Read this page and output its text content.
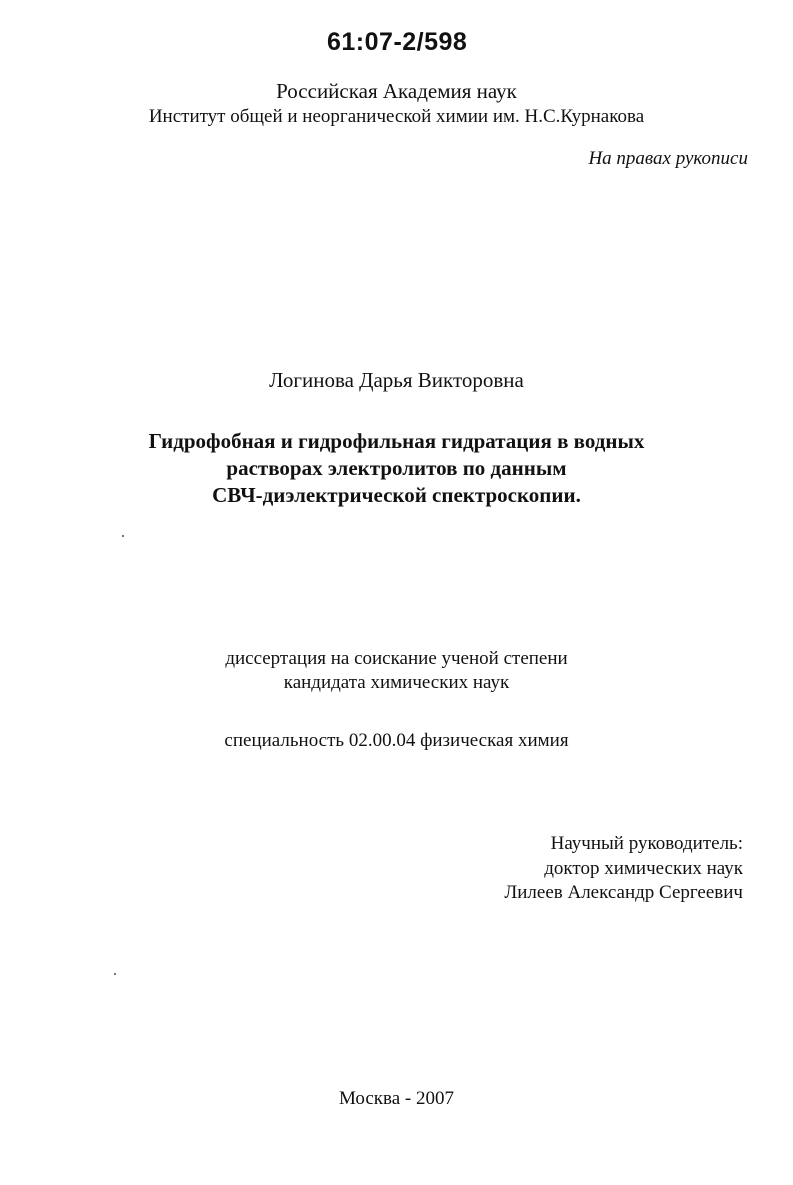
61:07-2/598
Российская Академия наук
Институт общей и неорганической химии им. Н.С.Курнакова
На правах рукописи
Логинова Дарья Викторовна
Гидрофобная и гидрофильная гидратация в водных
растворах электролитов по данным
СВЧ-диэлектрической спектроскопии.
диссертация на соискание ученой степени
кандидата химических наук
специальность 02.00.04 физическая химия
Научный руководитель:
доктор химических наук
Лилеев Александр Сергеевич
Москва - 2007
